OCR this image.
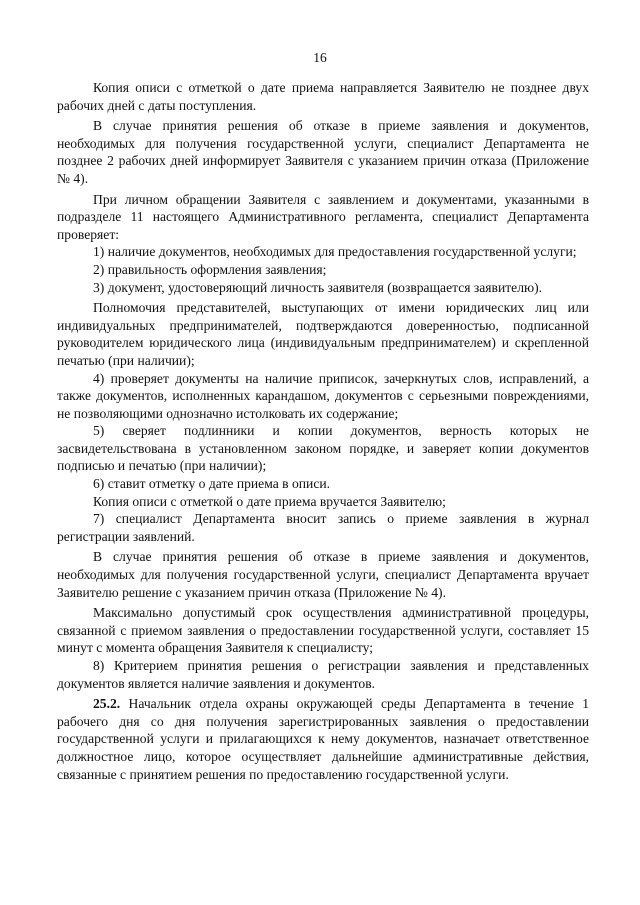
16

Копия описи с отметкой о дате приема направляется Заявителю не позднее двух рабочих дней с даты поступления.

В случае принятия решения об отказе в приеме заявления и документов, необходимых для получения государственной услуги, специалист Департамента не позднее 2 рабочих дней информирует Заявителя с указанием причин отказа (Приложение № 4).

При личном обращении Заявителя с заявлением и документами, указанными в подразделе 11 настоящего Административного регламента, специалист Департамента проверяет:

1) наличие документов, необходимых для предоставления государственной услуги;

2) правильность оформления заявления;

3) документ, удостоверяющий личность заявителя (возвращается заявителю).

Полномочия представителей, выступающих от имени юридических лиц или индивидуальных предпринимателей, подтверждаются доверенностью, подписанной руководителем юридического лица (индивидуальным предпринимателем) и скрепленной печатью (при наличии);

4) проверяет документы на наличие приписок, зачеркнутых слов, исправлений, а также документов, исполненных карандашом, документов с серьезными повреждениями, не позволяющими однозначно истолковать их содержание;

5) сверяет подлинники и копии документов, верность которых не засвидетельствована в установленном законом порядке, и заверяет копии документов подписью и печатью (при наличии);

6) ставит отметку о дате приема в описи.

Копия описи с отметкой о дате приема вручается Заявителю;

7) специалист Департамента вносит запись о приеме заявления в журнал регистрации заявлений.

В случае принятия решения об отказе в приеме заявления и документов, необходимых для получения государственной услуги, специалист Департамента вручает Заявителю решение с указанием причин отказа (Приложение № 4).

Максимально допустимый срок осуществления административной процедуры, связанной с приемом заявления о предоставлении государственной услуги, составляет 15 минут с момента обращения Заявителя к специалисту;

8) Критерием принятия решения о регистрации заявления и представленных документов является наличие заявления и документов.

25.2. Начальник отдела охраны окружающей среды Департамента в течение 1 рабочего дня со дня получения зарегистрированных заявления о предоставлении государственной услуги и прилагающихся к нему документов, назначает ответственное должностное лицо, которое осуществляет дальнейшие административные действия, связанные с принятием решения по предоставлению государственной услуги.
